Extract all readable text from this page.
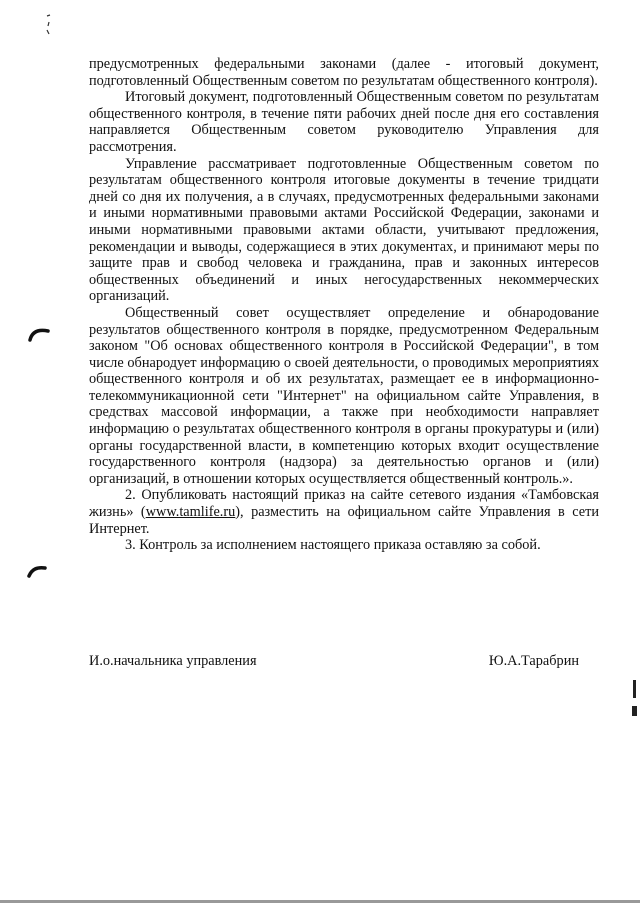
предусмотренных федеральными законами (далее - итоговый документ, подготовленный Общественным советом по результатам общественного контроля).

Итоговый документ, подготовленный Общественным советом по результатам общественного контроля, в течение пяти рабочих дней после дня его составления направляется Общественным советом руководителю Управления для рассмотрения.

Управление рассматривает подготовленные Общественным советом по результатам общественного контроля итоговые документы в течение тридцати дней со дня их получения, а в случаях, предусмотренных федеральными законами и иными нормативными правовыми актами Российской Федерации, законами и иными нормативными правовыми актами области, учитывают предложения, рекомендации и выводы, содержащиеся в этих документах, и принимают меры по защите прав и свобод человека и гражданина, прав и законных интересов общественных объединений и иных негосударственных некоммерческих организаций.

Общественный совет осуществляет определение и обнародование результатов общественного контроля в порядке, предусмотренном Федеральным законом "Об основах общественного контроля в Российской Федерации", в том числе обнародует информацию о своей деятельности, о проводимых мероприятиях общественного контроля и об их результатах, размещает ее в информационно-телекоммуникационной сети "Интернет" на официальном сайте Управления, в средствах массовой информации, а также при необходимости направляет информацию о результатах общественного контроля в органы прокуратуры и (или) органы государственной власти, в компетенцию которых входит осуществление государственного контроля (надзора) за деятельностью органов и (или) организаций, в отношении которых осуществляется общественный контроль.».

2. Опубликовать настоящий приказ на сайте сетевого издания «Тамбовская жизнь» (www.tamlife.ru), разместить на официальном сайте Управления в сети Интернет.

3. Контроль за исполнением настоящего приказа оставляю за собой.

И.о.начальника управления	Ю.А.Тарабрин
